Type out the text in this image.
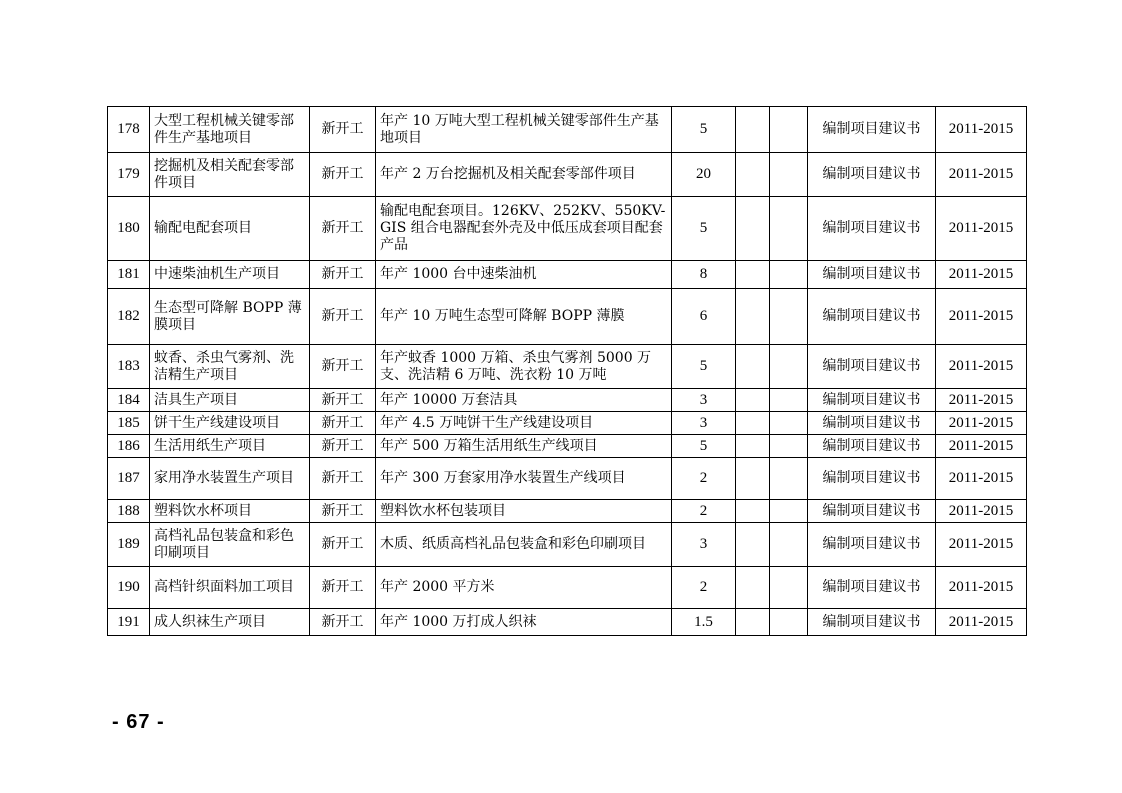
178	大型工程机械关键零部件生产基地项目	新开工	年产 10 万吨大型工程机械关键零部件生产基地项目	5			编制项目建议书	2011-2015
179	挖掘机及相关配套零部件项目	新开工	年产 2 万台挖掘机及相关配套零部件项目	20			编制项目建议书	2011-2015
180	输配电配套项目	新开工	输配电配套项目。126KV、252KV、550KV-GIS 组合电器配套外壳及中低压成套项目配套产品	5			编制项目建议书	2011-2015
181	中速柴油机生产项目	新开工	年产 1000 台中速柴油机	8			编制项目建议书	2011-2015
182	生态型可降解 BOPP 薄膜项目	新开工	年产 10 万吨生态型可降解 BOPP 薄膜	6			编制项目建议书	2011-2015
183	蚊香、杀虫气雾剂、洗洁精生产项目	新开工	年产蚊香 1000 万箱、杀虫气雾剂 5000 万支、洗洁精 6 万吨、洗衣粉 10 万吨	5			编制项目建议书	2011-2015
184	洁具生产项目	新开工	年产 10000 万套洁具	3			编制项目建议书	2011-2015
185	饼干生产线建设项目	新开工	年产 4.5 万吨饼干生产线建设项目	3			编制项目建议书	2011-2015
186	生活用纸生产项目	新开工	年产 500 万箱生活用纸生产线项目	5			编制项目建议书	2011-2015
187	家用净水装置生产项目	新开工	年产 300 万套家用净水装置生产线项目	2			编制项目建议书	2011-2015
188	塑料饮水杯项目	新开工	塑料饮水杯包装项目	2			编制项目建议书	2011-2015
189	高档礼品包装盒和彩色印刷项目	新开工	木质、纸质高档礼品包装盒和彩色印刷项目	3			编制项目建议书	2011-2015
190	高档针织面料加工项目	新开工	年产 2000 平方米	2			编制项目建议书	2011-2015
191	成人织袜生产项目	新开工	年产 1000 万打成人织袜	1.5			编制项目建议书	2011-2015
- 67 -
